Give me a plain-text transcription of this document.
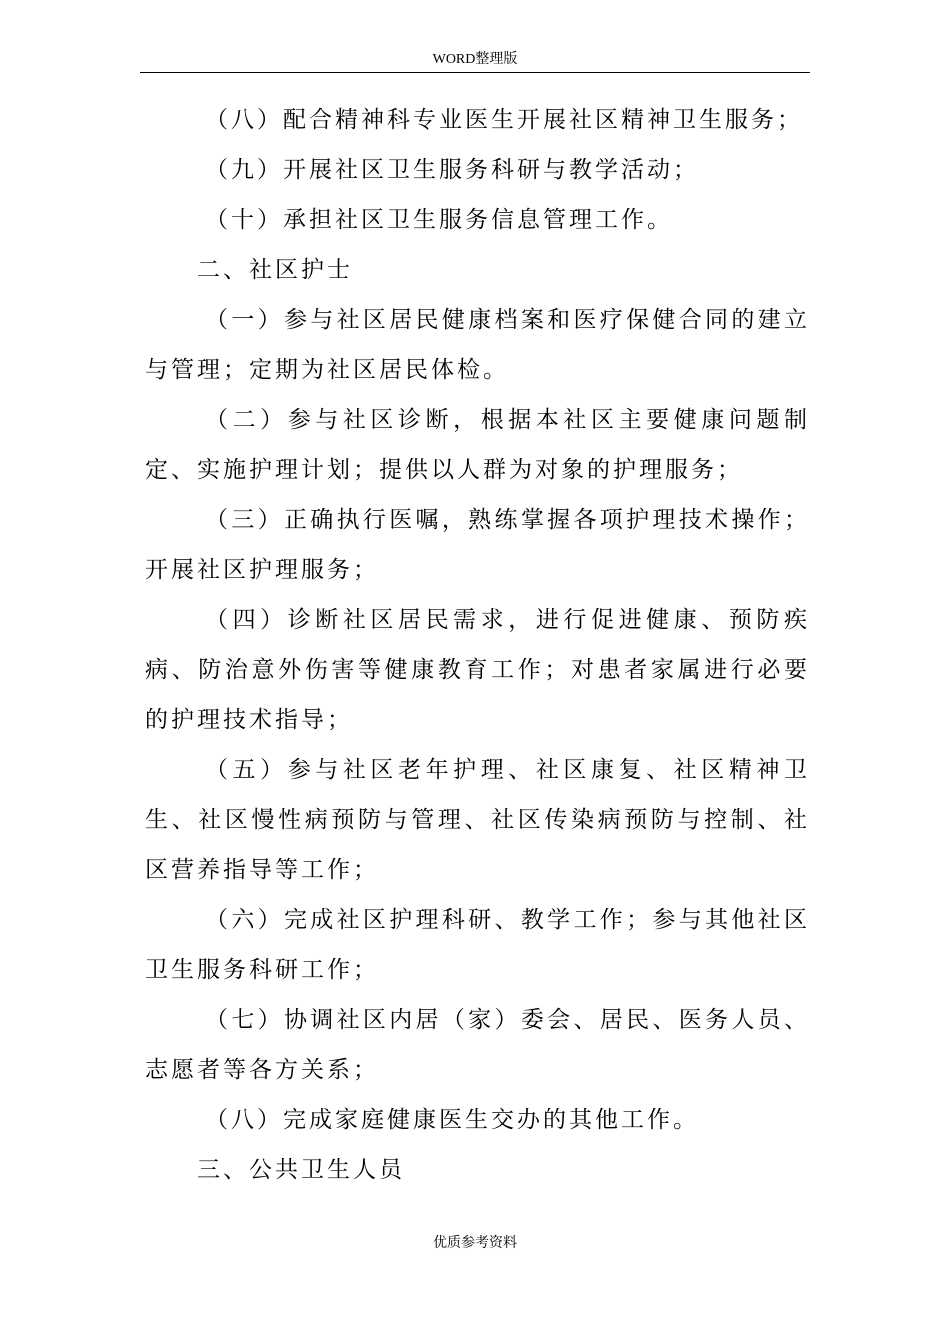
WORD整理版

（八）配合精神科专业医生开展社区精神卫生服务；

（九）开展社区卫生服务科研与教学活动；

（十）承担社区卫生服务信息管理工作。

二、社区护士

（一）参与社区居民健康档案和医疗保健合同的建立与管理；定期为社区居民体检。

（二）参与社区诊断，根据本社区主要健康问题制定、实施护理计划；提供以人群为对象的护理服务；

（三）正确执行医嘱，熟练掌握各项护理技术操作；开展社区护理服务；

（四）诊断社区居民需求，进行促进健康、预防疾病、防治意外伤害等健康教育工作；对患者家属进行必要的护理技术指导；

（五）参与社区老年护理、社区康复、社区精神卫生、社区慢性病预防与管理、社区传染病预防与控制、社区营养指导等工作；

（六）完成社区护理科研、教学工作；参与其他社区卫生服务科研工作；

（七）协调社区内居（家）委会、居民、医务人员、志愿者等各方关系；

（八）完成家庭健康医生交办的其他工作。

三、公共卫生人员

优质参考资料
